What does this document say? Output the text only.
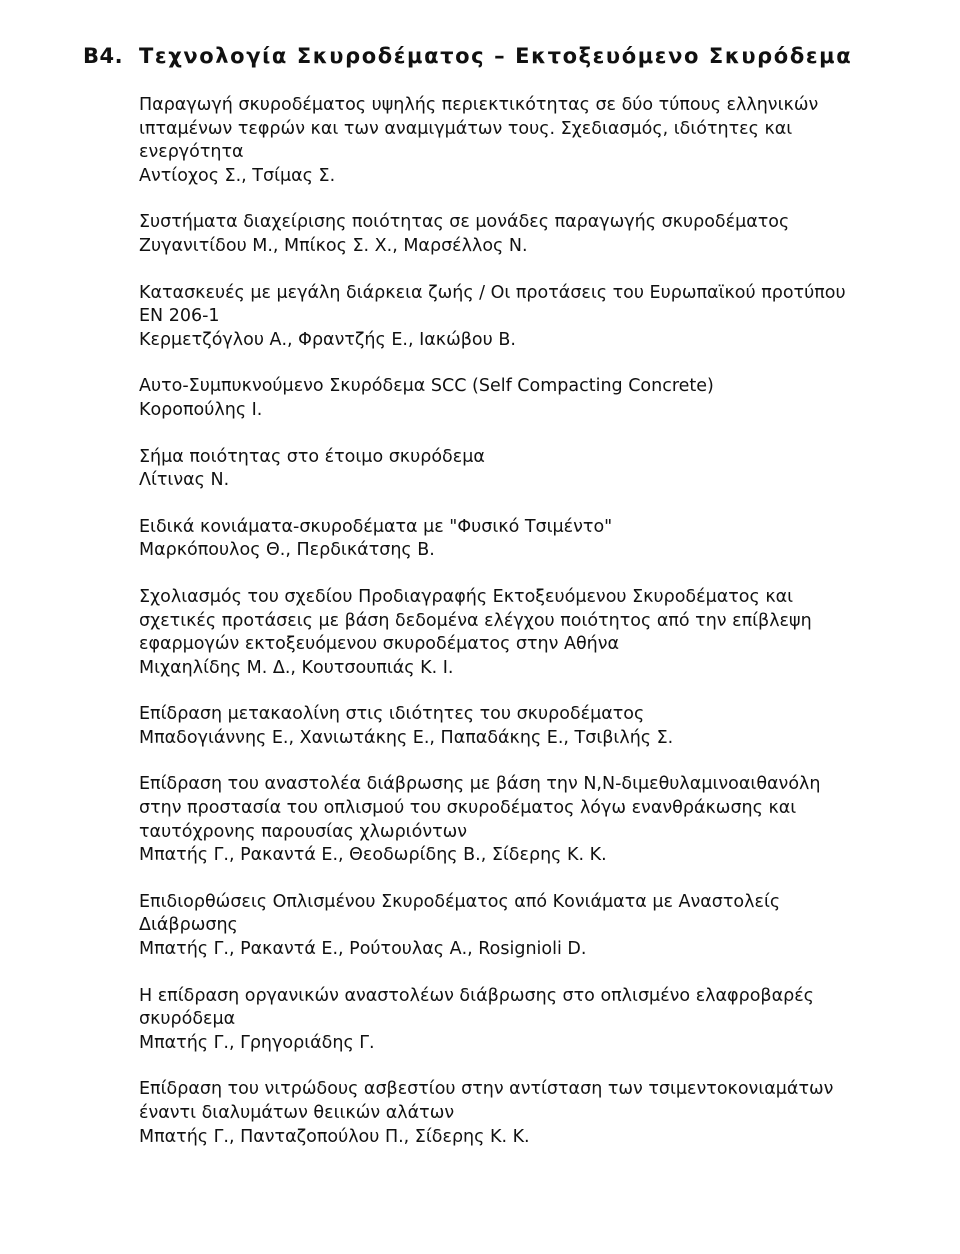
B4. Τεχνολογία Σκυροδέματος – Εκτοξευόμενο Σκυρόδεμα

Παραγωγή σκυροδέματος υψηλής περιεκτικότητας σε δύο τύπους ελληνικών
ιπταμένων τεφρών και των αναμιγμάτων τους. Σχεδιασμός, ιδιότητες και
ενεργότητα
Αντίοχος Σ., Τσίμας Σ.

Συστήματα διαχείρισης ποιότητας σε μονάδες παραγωγής σκυροδέματος
Ζυγανιτίδου Μ., Μπίκος Σ. Χ., Μαρσέλλος Ν.

Κατασκευές με μεγάλη διάρκεια ζωής / Οι προτάσεις του Ευρωπαϊκού προτύπου
EN 206-1
Κερμετζόγλου Α., Φραντζής Ε., Ιακώβου Β.

Αυτο-Συμπυκνούμενο Σκυρόδεμα SCC (Self Compacting Concrete)
Κοροπούλης Ι.

Σήμα ποιότητας στο έτοιμο σκυρόδεμα
Λίτινας Ν.

Ειδικά κονιάματα-σκυροδέματα με "Φυσικό Τσιμέντο"
Μαρκόπουλος Θ., Περδικάτσης Β.

Σχολιασμός του σχεδίου Προδιαγραφής Εκτοξευόμενου Σκυροδέματος και
σχετικές προτάσεις με βάση δεδομένα ελέγχου ποιότητος από την επίβλεψη
εφαρμογών εκτοξευόμενου σκυροδέματος στην Αθήνα
Μιχαηλίδης Μ. Δ., Κουτσουπιάς Κ. Ι.

Επίδραση μετακαολίνη στις ιδιότητες του σκυροδέματος
Μπαδογιάννης Ε., Χανιωτάκης Ε., Παπαδάκης Ε., Τσιβιλής Σ.

Επίδραση του αναστολέα διάβρωσης με βάση την N,N-διμεθυλαμινοαιθανόλη
στην προστασία του οπλισμού του σκυροδέματος λόγω ενανθράκωσης και
ταυτόχρονης παρουσίας χλωριόντων
Μπατής Γ., Ρακαντά Ε., Θεοδωρίδης Β., Σίδερης Κ. Κ.

Επιδιορθώσεις Οπλισμένου Σκυροδέματος από Κονιάματα με Αναστολείς
Διάβρωσης
Μπατής Γ., Ρακαντά Ε., Ρούτουλας Α., Rosignioli D.

Η επίδραση οργανικών αναστολέων διάβρωσης στο οπλισμένο ελαφροβαρές
σκυρόδεμα
Μπατής Γ., Γρηγοριάδης Γ.

Επίδραση του νιτρώδους ασβεστίου στην αντίσταση των τσιμεντοκονιαμάτων
έναντι διαλυμάτων θειικών αλάτων
Μπατής Γ., Πανταζοπούλου Π., Σίδερης Κ. Κ.
